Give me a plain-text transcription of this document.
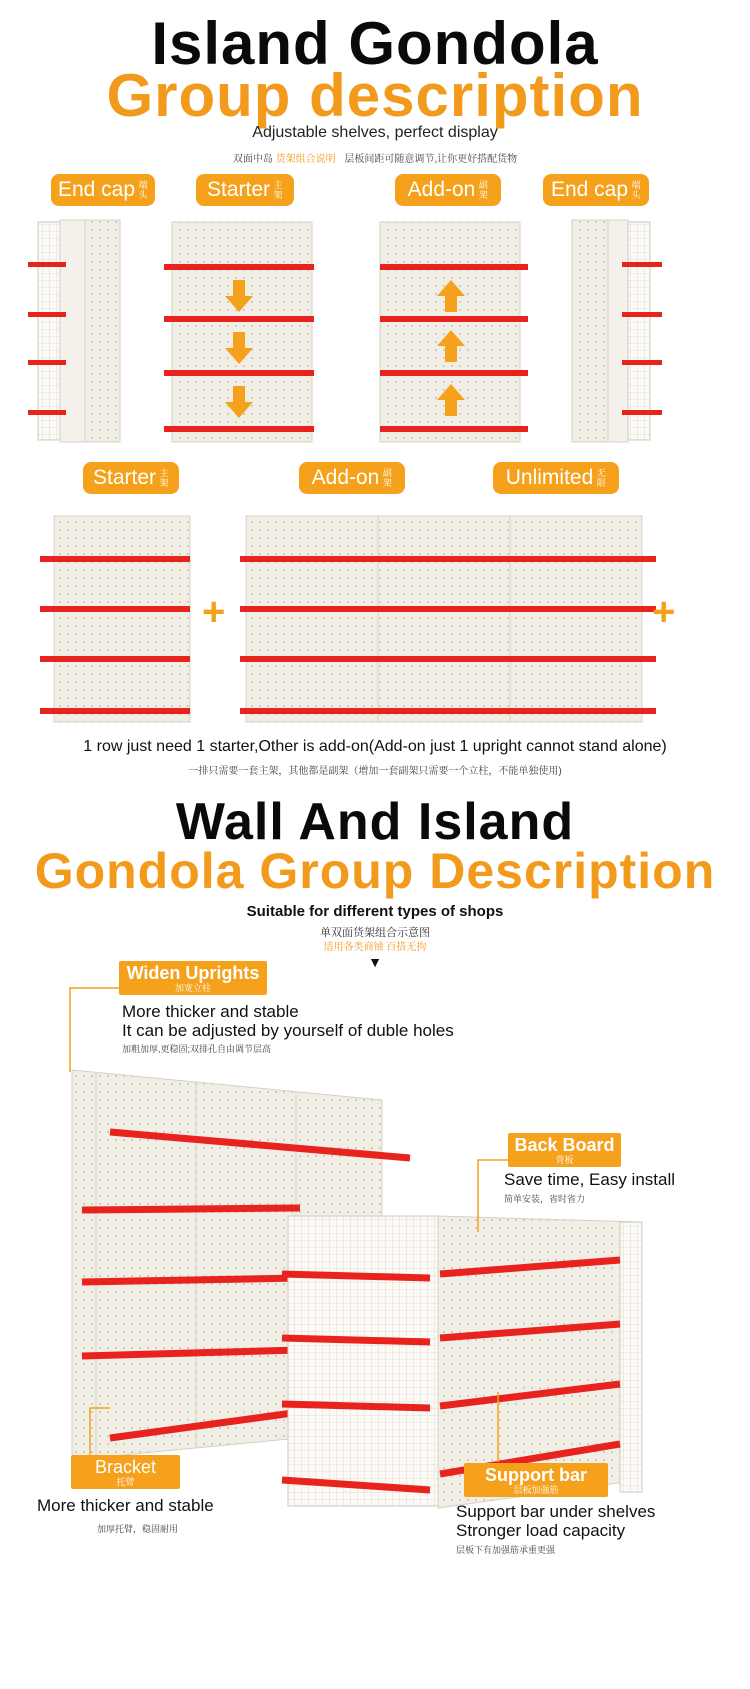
Island Gondola
Group description
Adjustable shelves, perfect display
双面中岛 货架组合说明 层板间距可随意调节,让你更好搭配货物
End cap 端头	Starter 主架	Add-on 副架	End cap 端头
Starter 主架	Add-on 副架	Unlimited 无限
+	+
1 row just need 1 starter,Other is add-on(Add-on just 1 upright cannot stand alone)
一排只需要一套主架，其他都是副架（增加一套副架只需要一个立柱，不能单独使用)
Wall And Island
Gondola Group Description
Suitable for different types of shops
单双面货架组合示意图
适用各类商铺 百搭无拘
▼
Widen Uprights
加宽立柱
More thicker and stable
It can be adjusted by yourself of duble holes
加粗加厚,更稳固;双排孔自由调节层高
Back Board
背板
Save time, Easy install
简单安装，省时省力
Bracket
托臂
More thicker and stable
加厚托臂，稳固耐用
Support bar
层板加强筋
Support bar under shelves
Stronger load capacity
层板下有加强筋承重更强
